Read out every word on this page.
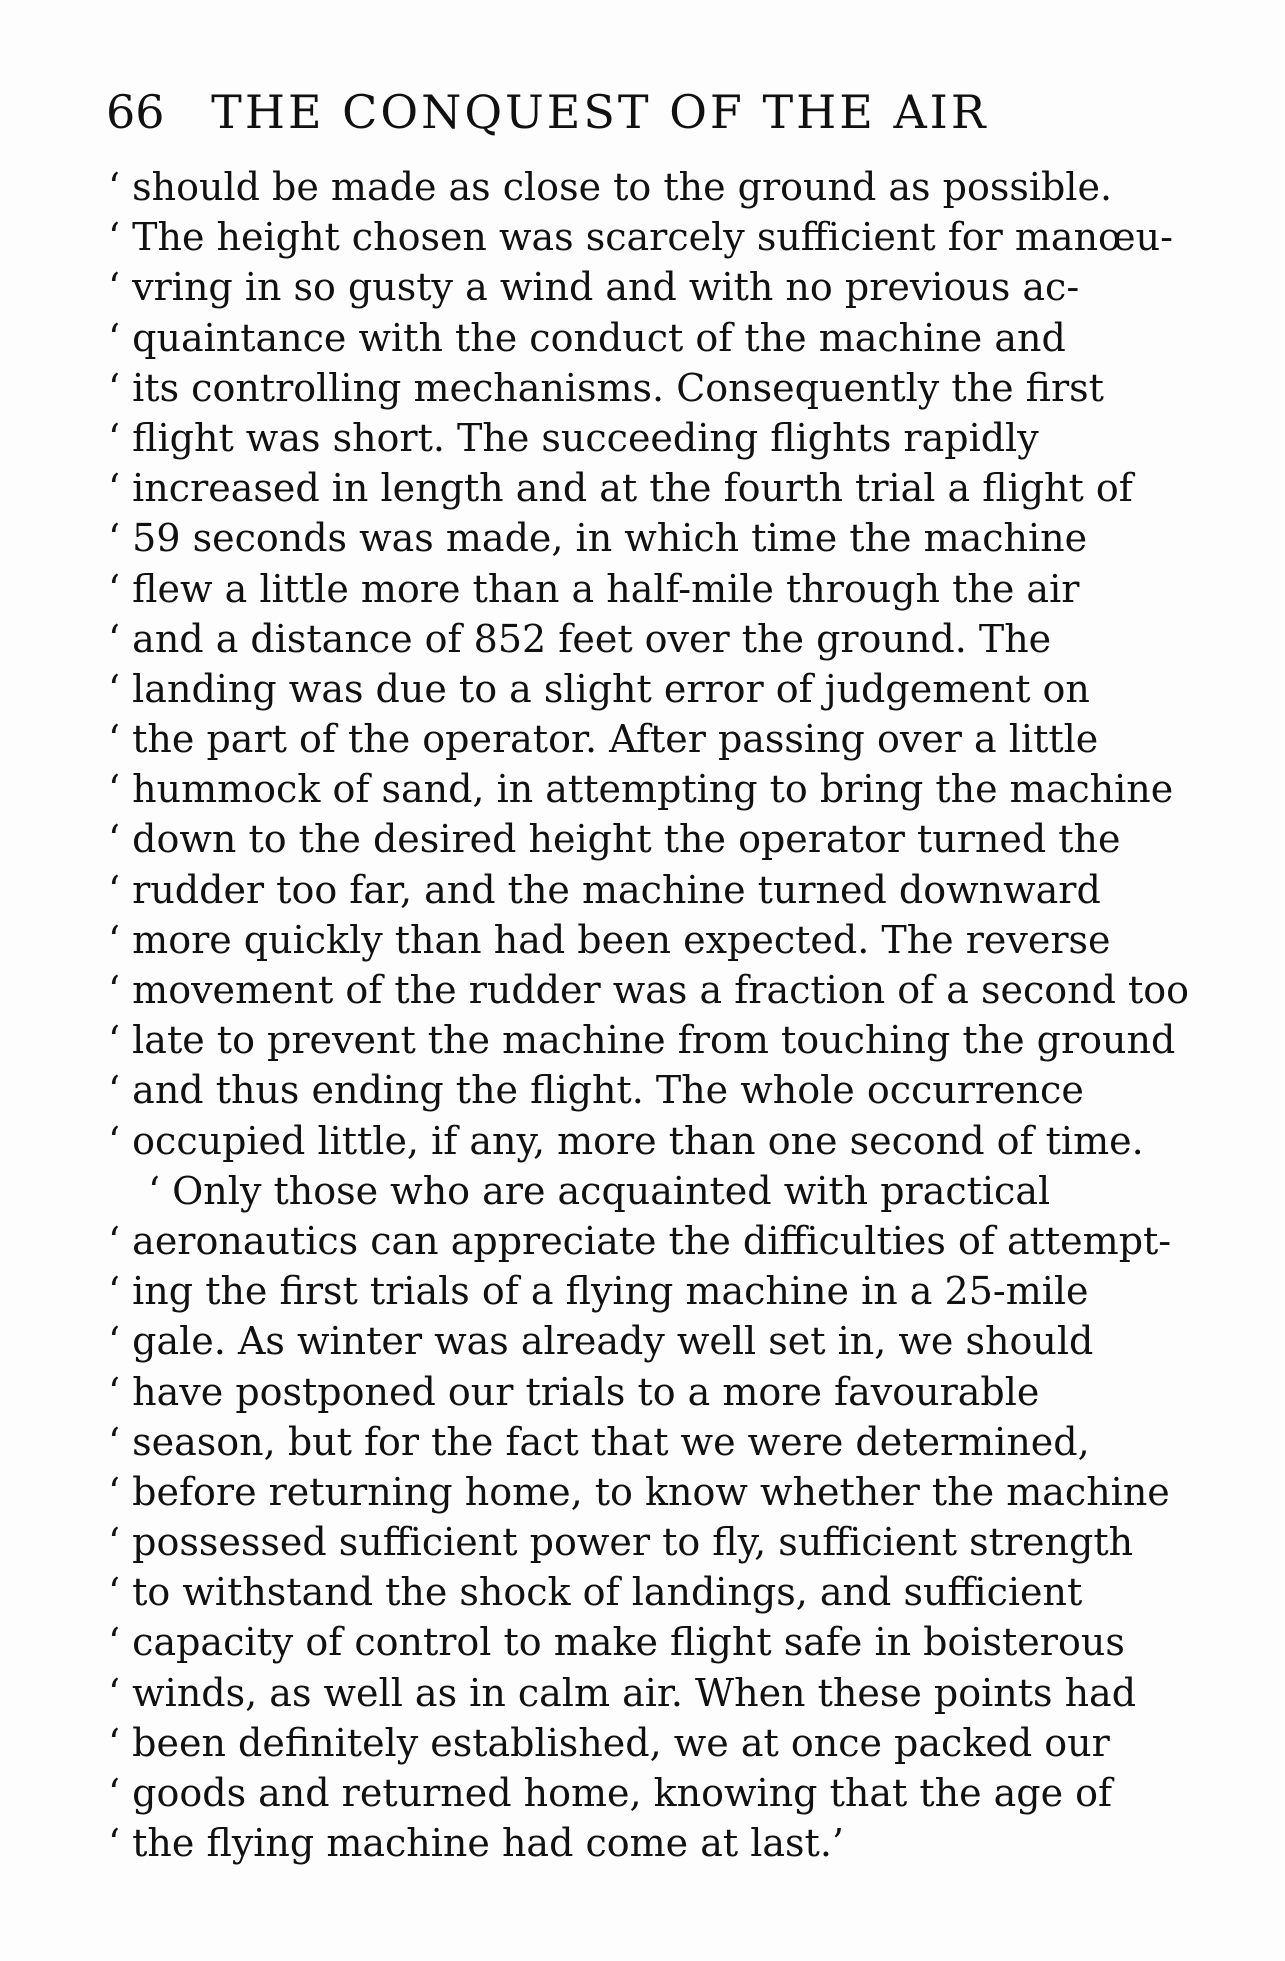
66 THE CONQUEST OF THE AIR
‘ should be made as close to the ground as possible.
‘ The height chosen was scarcely sufficient for manœu-
‘ vring in so gusty a wind and with no previous ac-
‘ quaintance with the conduct of the machine and
‘ its controlling mechanisms. Consequently the first
‘ flight was short. The succeeding flights rapidly
‘ increased in length and at the fourth trial a flight of
‘ 59 seconds was made, in which time the machine
‘ flew a little more than a half-mile through the air
‘ and a distance of 852 feet over the ground. The
‘ landing was due to a slight error of judgement on
‘ the part of the operator. After passing over a little
‘ hummock of sand, in attempting to bring the machine
‘ down to the desired height the operator turned the
‘ rudder too far, and the machine turned downward
‘ more quickly than had been expected. The reverse
‘ movement of the rudder was a fraction of a second too
‘ late to prevent the machine from touching the ground
‘ and thus ending the flight. The whole occurrence
‘ occupied little, if any, more than one second of time.
‘ Only those who are acquainted with practical
‘ aeronautics can appreciate the difficulties of attempt-
‘ ing the first trials of a flying machine in a 25-mile
‘ gale. As winter was already well set in, we should
‘ have postponed our trials to a more favourable
‘ season, but for the fact that we were determined,
‘ before returning home, to know whether the machine
‘ possessed sufficient power to fly, sufficient strength
‘ to withstand the shock of landings, and sufficient
‘ capacity of control to make flight safe in boisterous
‘ winds, as well as in calm air. When these points had
‘ been definitely established, we at once packed our
‘ goods and returned home, knowing that the age of
‘ the flying machine had come at last.’
